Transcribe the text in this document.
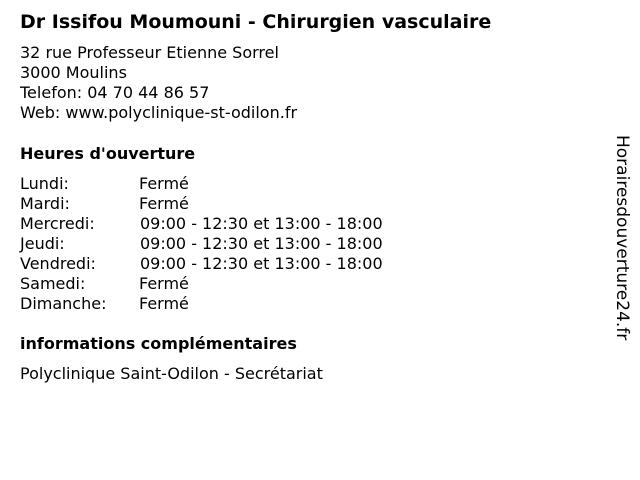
Dr Issifou Moumouni - Chirurgien vasculaire
32 rue Professeur Etienne Sorrel
3000 Moulins
Telefon: 04 70 44 86 57
Web: www.polyclinique-st-odilon.fr
Heures d'ouverture
Lundi:	Fermé
Mardi:	Fermé
Mercredi:	09:00 - 12:30 et 13:00 - 18:00
Jeudi:	09:00 - 12:30 et 13:00 - 18:00
Vendredi:	09:00 - 12:30 et 13:00 - 18:00
Samedi:	Fermé
Dimanche: Fermé
informations complémentaires
Polyclinique Saint-Odilon - Secrétariat
Horairesdouverture24.fr
